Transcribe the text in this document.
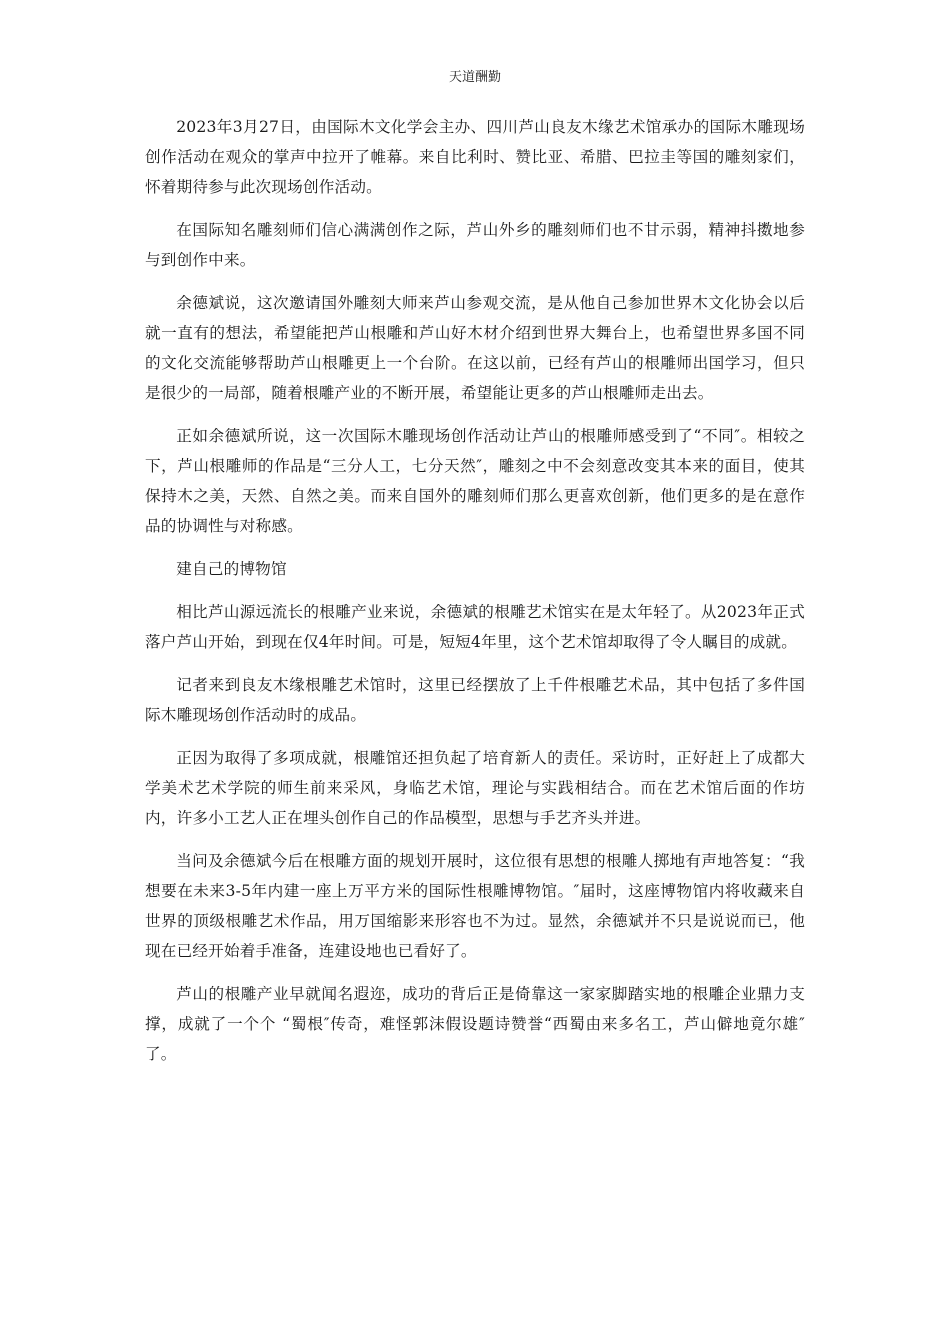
天道酬勤

2023年3月27日，由国际木文化学会主办、四川芦山良友木缘艺术馆承办的国际木雕现场创作活动在观众的掌声中拉开了帷幕。来自比利时、赞比亚、希腊、巴拉圭等国的雕刻家们，怀着期待参与此次现场创作活动。

在国际知名雕刻师们信心满满创作之际，芦山外乡的雕刻师们也不甘示弱，精神抖擞地参与到创作中来。

余德斌说，这次邀请国外雕刻大师来芦山参观交流，是从他自己参加世界木文化协会以后就一直有的想法，希望能把芦山根雕和芦山好木材介绍到世界大舞台上，也希望世界多国不同的文化交流能够帮助芦山根雕更上一个台阶。在这以前，已经有芦山的根雕师出国学习，但只是很少的一局部，随着根雕产业的不断开展，希望能让更多的芦山根雕师走出去。

正如余德斌所说，这一次国际木雕现场创作活动让芦山的根雕师感受到了“不同″。相较之下，芦山根雕师的作品是“三分人工，七分天然″，雕刻之中不会刻意改变其本来的面目，使其保持木之美，天然、自然之美。而来自国外的雕刻师们那么更喜欢创新，他们更多的是在意作品的协调性与对称感。

建自己的博物馆

相比芦山源远流长的根雕产业来说，余德斌的根雕艺术馆实在是太年轻了。从2023年正式落户芦山开始，到现在仅4年时间。可是，短短4年里，这个艺术馆却取得了令人瞩目的成就。

记者来到良友木缘根雕艺术馆时，这里已经摆放了上千件根雕艺术品，其中包括了多件国际木雕现场创作活动时的成品。

正因为取得了多项成就，根雕馆还担负起了培育新人的责任。采访时，正好赶上了成都大学美术艺术学院的师生前来采风，身临艺术馆，理论与实践相结合。而在艺术馆后面的作坊内，许多小工艺人正在埋头创作自己的作品模型，思想与手艺齐头并进。

当问及余德斌今后在根雕方面的规划开展时，这位很有思想的根雕人掷地有声地答复：“我想要在未来3-5年内建一座上万平方米的国际性根雕博物馆。″届时，这座博物馆内将收藏来自世界的顶级根雕艺术作品，用万国缩影来形容也不为过。显然，余德斌并不只是说说而已，他现在已经开始着手准备，连建设地也已看好了。

芦山的根雕产业早就闻名遐迩，成功的背后正是倚靠这一家家脚踏实地的根雕企业鼎力支撑，成就了一个个 “蜀根″传奇，难怪郭沫假设题诗赞誉“西蜀由来多名工，芦山僻地竟尔雄″了。
